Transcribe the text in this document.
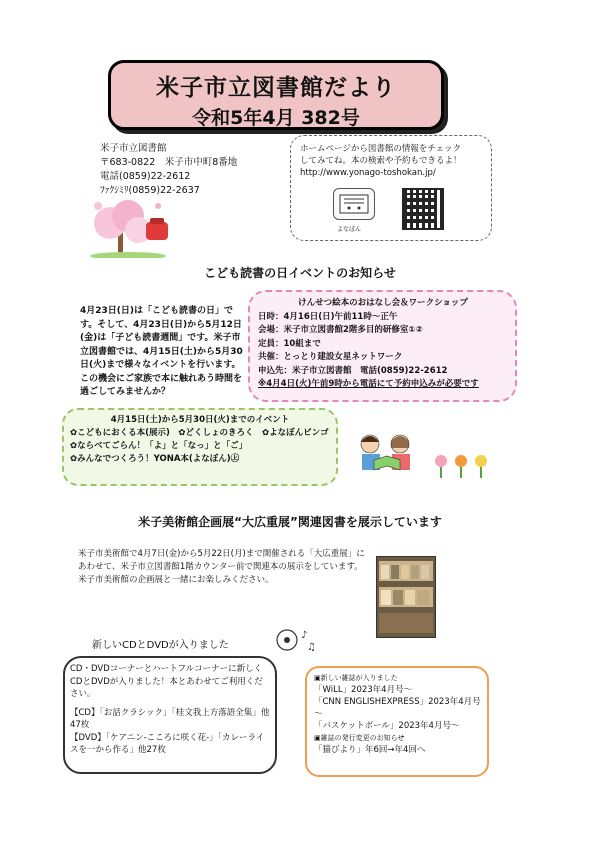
米子市立図書館だより
令和5年4月 382号
米子市立図書館
〒683-0822　米子市中町8番地
電話(0859)22-2612
ﾌｧｸｼﾐﾘ(0859)22-2637
ホームページから図書館の情報をチェック
してみてね。本の検索や予約もできるよ！
http://www.yonago-toshokan.jp/
よなぼん
こども読書の日イベントのお知らせ
4月23日(日)は「こども読書の日」です。そして、4月23日(日)から5月12日(金)は「子ども読書週間」です。米子市立図書館では、4月15日(土)から5月30日(火)まで様々なイベントを行います。この機会にご家族で本に触れあう時間を過ごしてみませんか？
けんせつ絵本のおはなし会＆ワークショップ
日時：4月16日(日)午前11時～正午
会場：米子市立図書館2階多目的研修室①②
定員：10組まで
共催：とっとり建設女星ネットワーク
申込先：米子市立図書館　電話(0859)22-2612
※4月4日(火)午前9時から電話にて予約申込みが必要です
4月15日(土)から5月30日(火)までのイベント
✿こどもにおくる本(展示)　✿どくしょのきろく　✿よなぼんビンゴ
✿ならべてごらん！「よ」と「なっ」と「ご」
✿みんなでつくろう！YONA本(よなぼん)㊤
米子美術館企画展“大広重展”関連図書を展示しています
米子市美術館で4月7日(金)から5月22日(月)まで開催される「大広重展」にあわせて、米子市立図書館1階カウンター前で関連本の展示をしています。米子市美術館の企画展と一緒にお楽しみください。
新しいCDとDVDが入りました
♪
♫
CD・DVDコーナーとハートフルコーナーに新しくCDとDVDが入りました！本とあわせてご利用ください。
【CD】「お話クラシック」「桂文我上方落語全集」他47枚
【DVD】「ケアニン-こころに咲く花-」「カレーライスを一から作る」他27枚
▣新しい雑誌が入りました
「WiLL」2023年4月号～
「CNN ENGLISHEXPRESS」2023年4月号～
「バスケットボール」2023年4月号～
▣雑誌の発行変更のお知らせ
「猫びより」年6回→年4回へ
